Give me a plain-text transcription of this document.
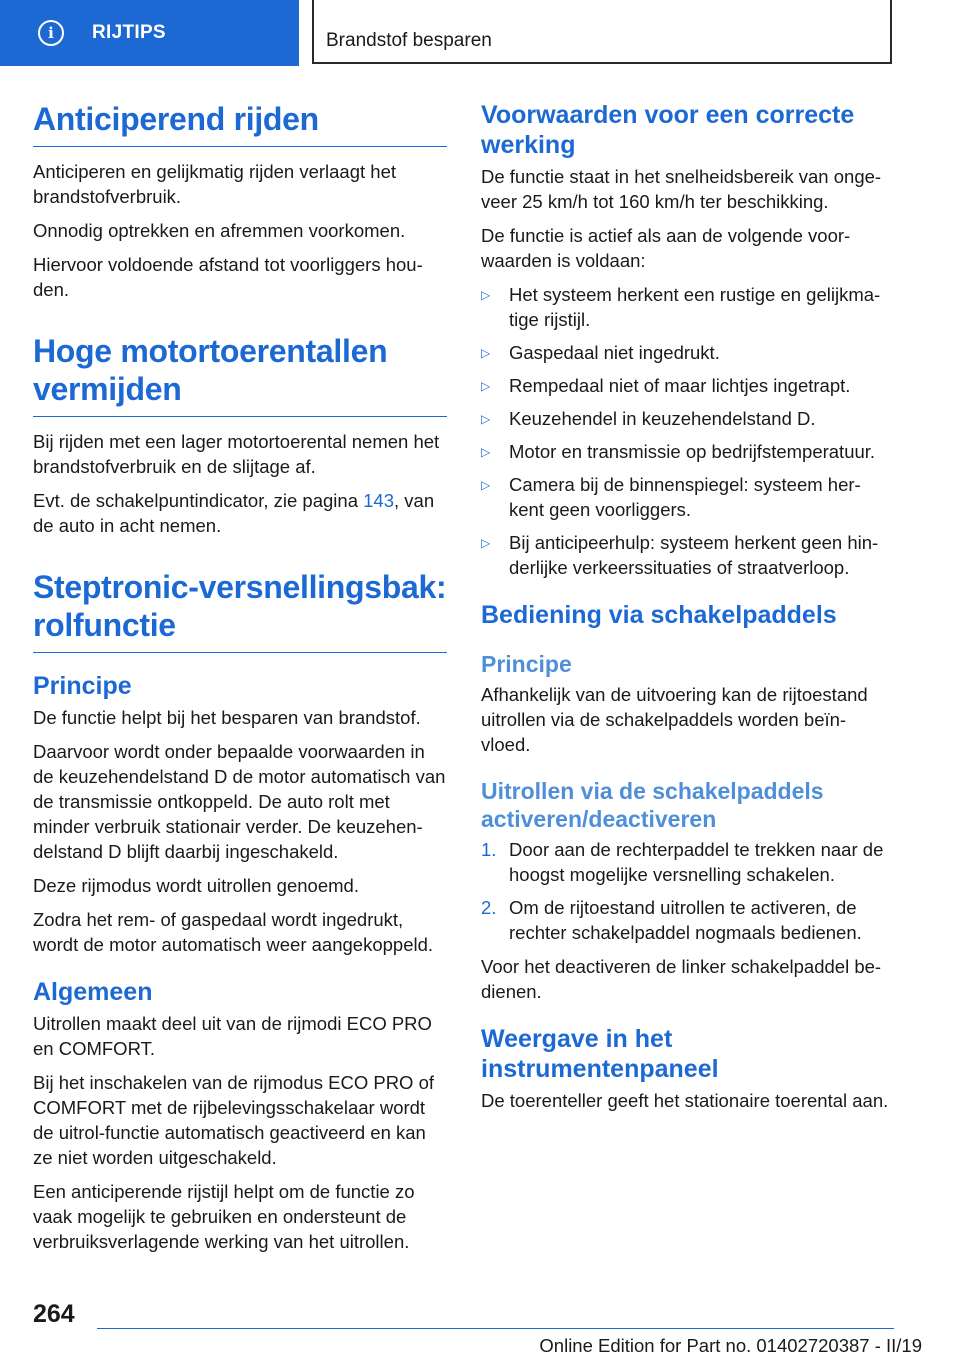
i	RIJTIPS	Brandstof besparen
Anticiperend rijden

Anticiperen en gelijkmatig rijden verlaagt het brandstofverbruik.

Onnodig optrekken en afremmen voorkomen.

Hiervoor voldoende afstand tot voorliggers hou-den.

Hoge motortoerentallen vermijden

Bij rijden met een lager motortoerental nemen het brandstofverbruik en de slijtage af.

Evt. de schakelpuntindicator, zie pagina 143, van de auto in acht nemen.

Steptronic-versnellingsbak: rolfunctie
Principe

De functie helpt bij het besparen van brandstof.

Daarvoor wordt onder bepaalde voorwaarden in de keuzehendelstand D de motor automatisch van de transmissie ontkoppeld. De auto rolt met minder verbruik stationair verder. De keuzehen-delstand D blijft daarbij ingeschakeld.

Deze rijmodus wordt uitrollen genoemd.

Zodra het rem- of gaspedaal wordt ingedrukt, wordt de motor automatisch weer aangekoppeld.

Algemeen

Uitrollen maakt deel uit van de rijmodi ECO PRO en COMFORT.

Bij het inschakelen van de rijmodus ECO PRO of COMFORT met de rijbelevingsschakelaar wordt de uitrol-functie automatisch geactiveerd en kan ze niet worden uitgeschakeld.

Een anticiperende rijstijl helpt om de functie zo vaak mogelijk te gebruiken en ondersteunt de verbruiksverlagende werking van het uitrollen.

Voorwaarden voor een correcte werking

De functie staat in het snelheidsbereik van onge-veer 25 km/h tot 160 km/h ter beschikking.

De functie is actief als aan de volgende voor-waarden is voldaan:

▷ Het systeem herkent een rustige en gelijkma-tige rijstijl.
▷ Gaspedaal niet ingedrukt.
▷ Rempedaal niet of maar lichtjes ingetrapt.
▷ Keuzehendel in keuzehendelstand D.
▷ Motor en transmissie op bedrijfstemperatuur.
▷ Camera bij de binnenspiegel: systeem her-kent geen voorliggers.
▷ Bij anticipeerhulp: systeem herkent geen hin-derlijke verkeerssituaties of straatverloop.
Bediening via schakelpaddels
Principe

Afhankelijk van de uitvoering kan de rijtoestand uitrollen via de schakelpaddels worden beïn-vloed.

Uitrollen via de schakelpaddels activeren/deactiveren
1. Door aan de rechterpaddel te trekken naar de hoogst mogelijke versnelling schakelen.
2. Om de rijtoestand uitrollen te activeren, de rechter schakelpaddel nogmaals bedienen.

Voor het deactiveren de linker schakelpaddel be-dienen.

Weergave in het instrumentenpaneel

De toerenteller geeft het stationaire toerental aan.

264
Online Edition for Part no. 01402720387 - II/19
